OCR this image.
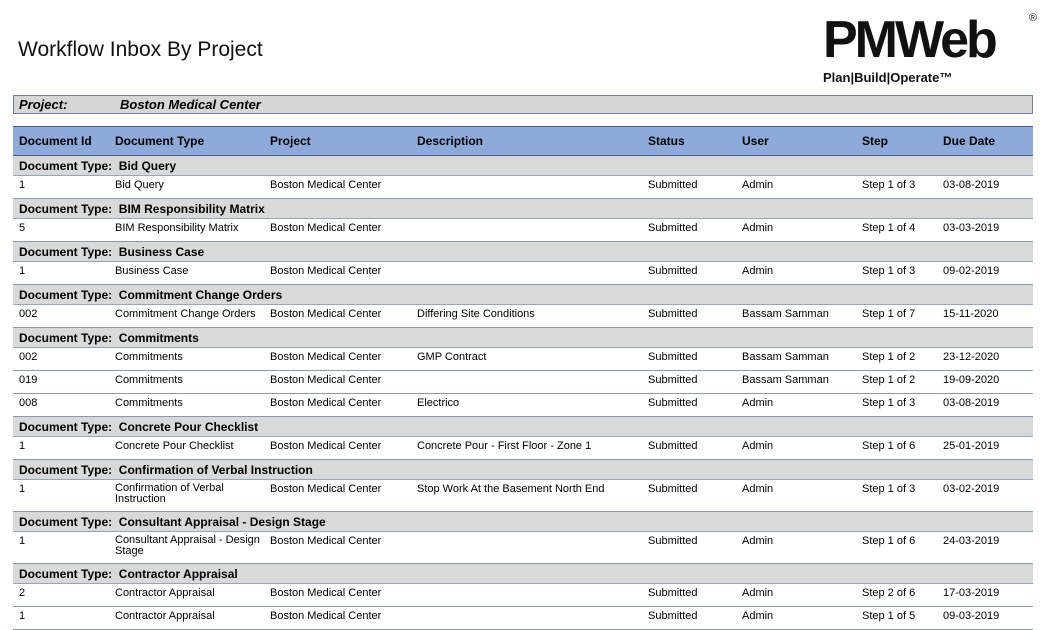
Workflow Inbox By Project	PMWeb	®
Plan|Build|Operate™
Project:	Boston Medical Center
Document Id	Document Type	Project	Description	Status	User	Step	Due Date
Document Type: Bid Query							
1	Bid Query	Boston Medical Center		Submitted	Admin	Step 1 of 3	03-08-2019
Document Type: BIM Responsibility Matrix							
5	BIM Responsibility Matrix	Boston Medical Center		Submitted	Admin	Step 1 of 4	03-03-2019
Document Type: Business Case							
1	Business Case	Boston Medical Center		Submitted	Admin	Step 1 of 3	09-02-2019
Document Type: Commitment Change Orders							
002	Commitment Change Orders	Boston Medical Center	Differing Site Conditions	Submitted	Bassam Samman	Step 1 of 7	15-11-2020
Document Type: Commitments							
002	Commitments	Boston Medical Center	GMP Contract	Submitted	Bassam Samman	Step 1 of 2	23-12-2020
019	Commitments	Boston Medical Center		Submitted	Bassam Samman	Step 1 of 2	19-09-2020
008	Commitments	Boston Medical Center	Electrico	Submitted	Admin	Step 1 of 3	03-08-2019
Document Type: Concrete Pour Checklist							
1	Concrete Pour Checklist	Boston Medical Center	Concrete Pour - First Floor - Zone 1	Submitted	Admin	Step 1 of 6	25-01-2019
Document Type: Confirmation of Verbal Instruction							
1	Confirmation of Verbal Instruction	Boston Medical Center	Stop Work At the Basement North End	Submitted	Admin	Step 1 of 3	03-02-2019
Document Type: Consultant Appraisal - Design Stage							
1	Consultant Appraisal - Design Stage	Boston Medical Center		Submitted	Admin	Step 1 of 6	24-03-2019
Document Type: Contractor Appraisal							
2	Contractor Appraisal	Boston Medical Center		Submitted	Admin	Step 2 of 6	17-03-2019
1	Contractor Appraisal	Boston Medical Center		Submitted	Admin	Step 1 of 5	09-03-2019
